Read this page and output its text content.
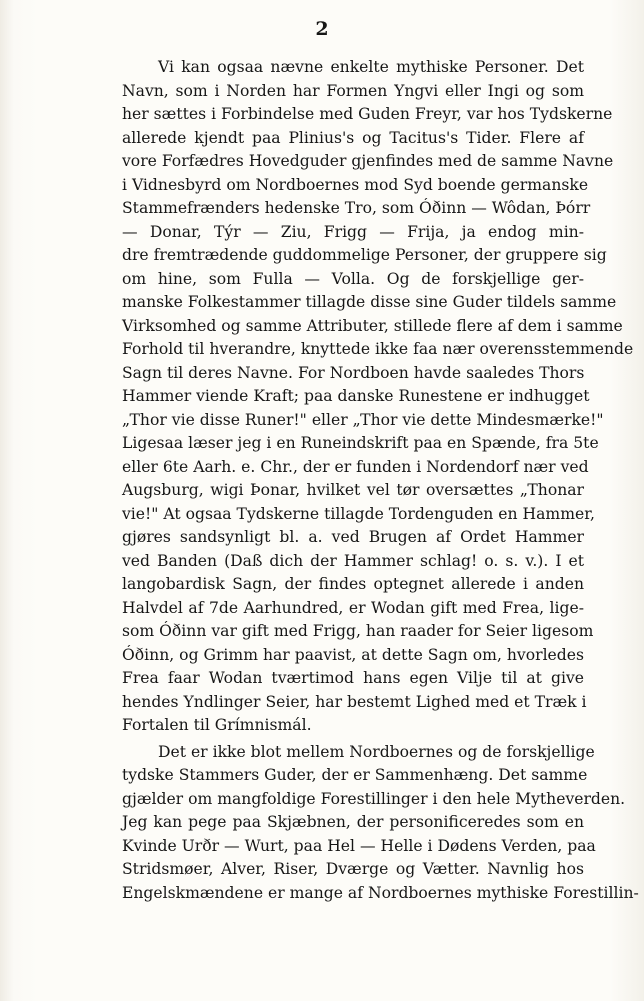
2
Vi kan ogsaa nævne enkelte mythiske Personer. Det
Navn, som i Norden har Formen Yngvi eller Ingi og som
her sættes i Forbindelse med Guden Freyr, var hos Tydskerne
allerede kjendt paa Plinius's og Tacitus's Tider. Flere af
vore Forfædres Hovedguder gjenfindes med de samme Navne
i Vidnesbyrd om Nordboernes mod Syd boende germanske
Stammefrænders hedenske Tro, som Óðinn — Wôdan, Þórr
— Donar, Týr — Ziu, Frigg — Frija, ja endog min-
dre fremtrædende guddommelige Personer, der gruppere sig
om hine, som Fulla — Volla. Og de forskjellige ger-
manske Folkestammer tillagde disse sine Guder tildels samme
Virksomhed og samme Attributer, stillede flere af dem i samme
Forhold til hverandre, knyttede ikke faa nær overensstemmende
Sagn til deres Navne. For Nordboen havde saaledes Thors
Hammer viende Kraft; paa danske Runestene er indhugget
„Thor vie disse Runer!" eller „Thor vie dette Mindesmærke!"
Ligesaa læser jeg i en Runeindskrift paa en Spænde, fra 5te
eller 6te Aarh. e. Chr., der er funden i Nordendorf nær ved
Augsburg, wigi Þonar, hvilket vel tør oversættes „Thonar
vie!" At ogsaa Tydskerne tillagde Tordenguden en Hammer,
gjøres sandsynligt bl. a. ved Brugen af Ordet Hammer
ved Banden (Daß dich der Hammer schlag! o. s. v.). I et
langobardisk Sagn, der findes optegnet allerede i anden
Halvdel af 7de Aarhundred, er Wodan gift med Frea, lige-
som Óðinn var gift med Frigg, han raader for Seier ligesom
Óðinn, og Grimm har paavist, at dette Sagn om, hvorledes
Frea faar Wodan tværtimod hans egen Vilje til at give
hendes Yndlinger Seier, har bestemt Lighed med et Træk i
Fortalen til Grímnismál.
Det er ikke blot mellem Nordboernes og de forskjellige
tydske Stammers Guder, der er Sammenhæng. Det samme
gjælder om mangfoldige Forestillinger i den hele Mytheverden.
Jeg kan pege paa Skjæbnen, der personificeredes som en
Kvinde Urðr — Wurt, paa Hel — Helle i Dødens Verden, paa
Stridsmøer, Alver, Riser, Dværge og Vætter. Navnlig hos
Engelskmændene er mange af Nordboernes mythiske Forestillin-
